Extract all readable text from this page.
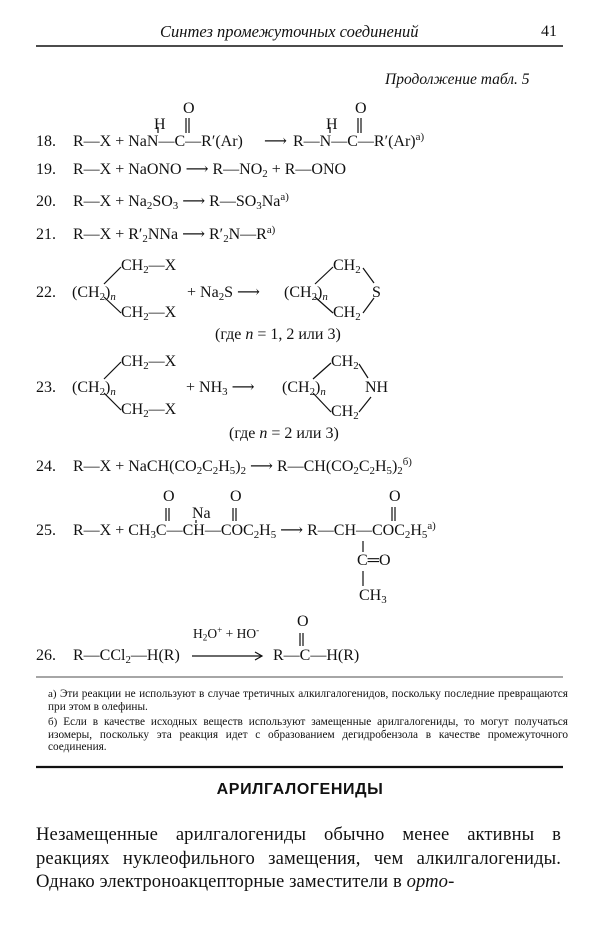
Синтез промежуточных соединений	41
Продолжение табл. 5
18.
O	O
H	H
R—X + NaN—C—R′(Ar) ⟶ $R—N—C—R'(Ar)^{а)}$
19. R—X + NaONO ⟶ $R—NO_2$ + R—ONO
20. R—X + $Na_2SO_3$ ⟶ $R—SO_3Na^{а)}$
21. R—X + $R'_2NNa$ ⟶ $R'_2N—R^{а)}$
22.
$CH_2—X$
$(CH_2)_n$
$CH_2—X$
+ $Na_2S$ ⟶ $(CH_2)_n$
$CH_2$
S
$CH_2$
(где n = 1, 2 или 3)
23.
$CH_2—X$
$(CH_2)_n$
$CH_2—X$
+ $NH_3$ ⟶ $(CH_2)_n$
$CH_2$
NH
$CH_2$
(где n = 2 или 3)
24. R—X + $NaCH(CO_2C_2H_5)_2$ ⟶ $R—CH(CO_2C_2H_5)_2^{б)}$
25.
O
Na
O	O
R—X + $CH_3C—CH—COC_2H_5$ ⟶ $R—CH—COC_2H_5^{а)}$
C═O
$CH_3$
26. R—CCl$_2$—H(R)
$H_2O^+ + HO^-$ O
R—C—H(R)
а) Эти реакции не используют в случае третичных алкилгалогенидов, поскольку последние превращаются при этом в олефины.
б) Если в качестве исходных веществ используют замещенные арилгалогениды, то могут получаться изомеры, поскольку эта реакция идет с образованием дегидробензола в качестве промежуточного соединения.
АРИЛГАЛОГЕНИДЫ
Незамещенные арилгалогениды обычно менее активны в реакциях нуклеофильного замещения, чем алкилгалогениды. Однако электроноакцепторные заместители в орто-
